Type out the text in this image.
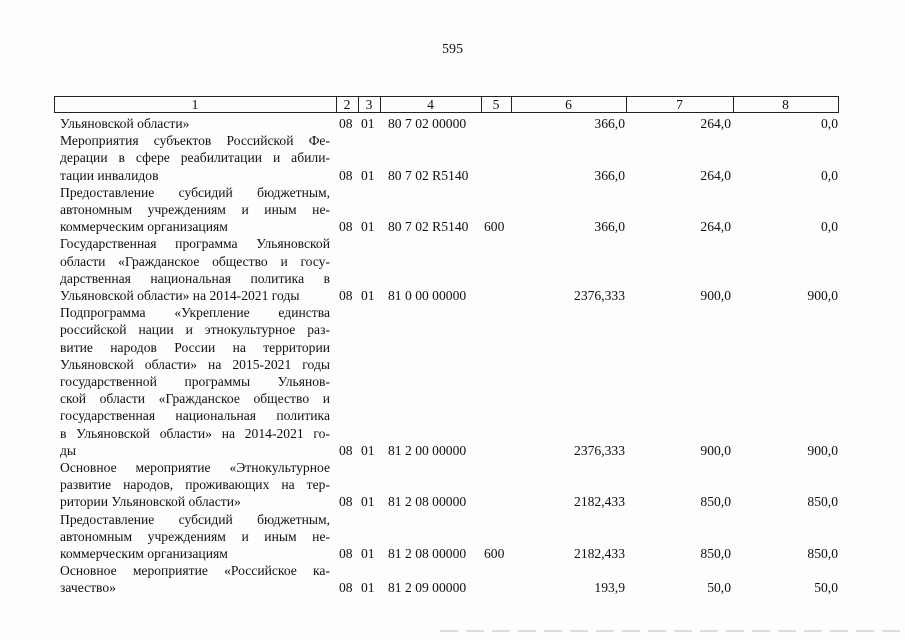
595
1	2	3	4	5	6	7	8
Ульяновской области»	08 01 80 7 02 00000	366,0	264,0	0,0
Мероприятия субъектов Российской Фе-
дерации в сфере реабилитации и абили-
тации инвалидов	08 01 80 7 02 R5140	366,0	264,0	0,0
Предоставление субсидий бюджетным,
автономным учреждениям и иным не-
коммерческим организациям	08 01 80 7 02 R5140 600	366,0	264,0	0,0
Государственная программа Ульяновской
области «Гражданское общество и госу-
дарственная национальная политика в
Ульяновской области» на 2014-2021 годы	08 01 81 0 00 00000	2376,333	900,0	900,0
Подпрограмма «Укрепление единства
российской нации и этнокультурное раз-
витие народов России на территории
Ульяновской области» на 2015-2021 годы
государственной программы Ульянов-
ской области «Гражданское общество и
государственная национальная политика
в Ульяновской области» на 2014-2021 го-
ды	08 01 81 2 00 00000	2376,333	900,0	900,0
Основное мероприятие «Этнокультурное
развитие народов, проживающих на тер-
ритории Ульяновской области»	08 01 81 2 08 00000	2182,433	850,0	850,0
Предоставление субсидий бюджетным,
автономным учреждениям и иным не-
коммерческим организациям	08 01 81 2 08 00000 600	2182,433	850,0	850,0
Основное мероприятие «Российское ка-
зачество»	08 01 81 2 09 00000	193,9	50,0	50,0
